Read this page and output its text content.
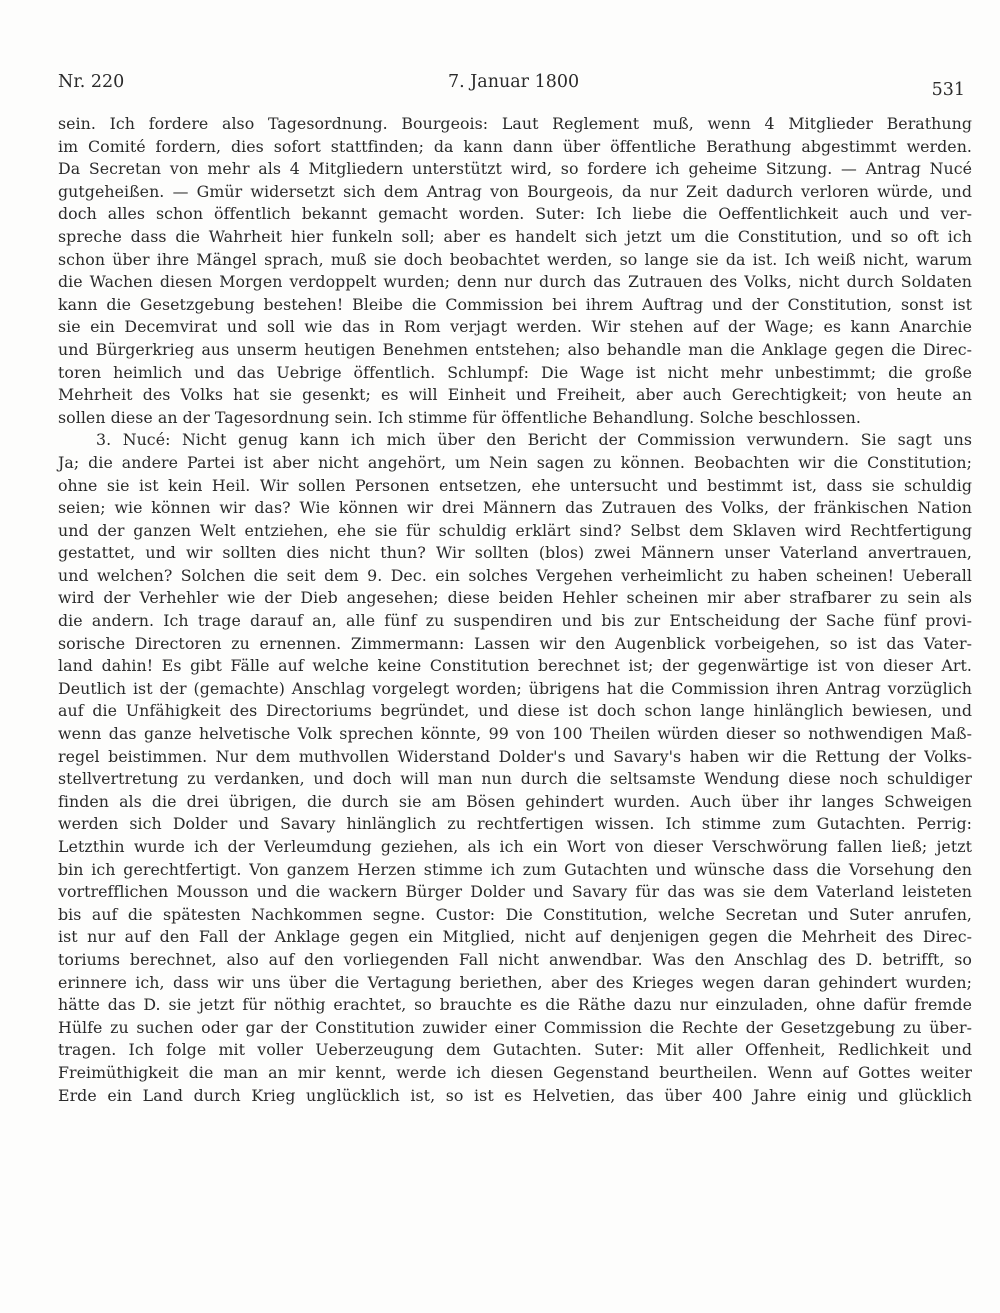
Nr. 220	7. Januar 1800	531
sein. Ich fordere also Tagesordnung. Bourgeois: Laut Reglement muß, wenn 4 Mitglieder Berathung
im Comité fordern, dies sofort stattfinden; da kann dann über öffentliche Berathung abgestimmt werden.
Da Secretan von mehr als 4 Mitgliedern unterstützt wird, so fordere ich geheime Sitzung. — Antrag Nucé
gutgeheißen. — Gmür widersetzt sich dem Antrag von Bourgeois, da nur Zeit dadurch verloren würde, und
doch alles schon öffentlich bekannt gemacht worden. Suter: Ich liebe die Oeffentlichkeit auch und ver-
spreche dass die Wahrheit hier funkeln soll; aber es handelt sich jetzt um die Constitution, und so oft ich
schon über ihre Mängel sprach, muß sie doch beobachtet werden, so lange sie da ist. Ich weiß nicht, warum
die Wachen diesen Morgen verdoppelt wurden; denn nur durch das Zutrauen des Volks, nicht durch Soldaten
kann die Gesetzgebung bestehen! Bleibe die Commission bei ihrem Auftrag und der Constitution, sonst ist
sie ein Decemvirat und soll wie das in Rom verjagt werden. Wir stehen auf der Wage; es kann Anarchie
und Bürgerkrieg aus unserm heutigen Benehmen entstehen; also behandle man die Anklage gegen die Direc-
toren heimlich und das Uebrige öffentlich. Schlumpf: Die Wage ist nicht mehr unbestimmt; die große
Mehrheit des Volks hat sie gesenkt; es will Einheit und Freiheit, aber auch Gerechtigkeit; von heute an
sollen diese an der Tagesordnung sein. Ich stimme für öffentliche Behandlung. Solche beschlossen.
3. Nucé: Nicht genug kann ich mich über den Bericht der Commission verwundern. Sie sagt uns
Ja; die andere Partei ist aber nicht angehört, um Nein sagen zu können. Beobachten wir die Constitution;
ohne sie ist kein Heil. Wir sollen Personen entsetzen, ehe untersucht und bestimmt ist, dass sie schuldig
seien; wie können wir das? Wie können wir drei Männern das Zutrauen des Volks, der fränkischen Nation
und der ganzen Welt entziehen, ehe sie für schuldig erklärt sind? Selbst dem Sklaven wird Rechtfertigung
gestattet, und wir sollten dies nicht thun? Wir sollten (blos) zwei Männern unser Vaterland anvertrauen,
und welchen? Solchen die seit dem 9. Dec. ein solches Vergehen verheimlicht zu haben scheinen! Ueberall
wird der Verhehler wie der Dieb angesehen; diese beiden Hehler scheinen mir aber strafbarer zu sein als
die andern. Ich trage darauf an, alle fünf zu suspendiren und bis zur Entscheidung der Sache fünf provi-
sorische Directoren zu ernennen. Zimmermann: Lassen wir den Augenblick vorbeigehen, so ist das Vater-
land dahin! Es gibt Fälle auf welche keine Constitution berechnet ist; der gegenwärtige ist von dieser Art.
Deutlich ist der (gemachte) Anschlag vorgelegt worden; übrigens hat die Commission ihren Antrag vorzüglich
auf die Unfähigkeit des Directoriums begründet, und diese ist doch schon lange hinlänglich bewiesen, und
wenn das ganze helvetische Volk sprechen könnte, 99 von 100 Theilen würden dieser so nothwendigen Maß-
regel beistimmen. Nur dem muthvollen Widerstand Dolder's und Savary's haben wir die Rettung der Volks-
stellvertretung zu verdanken, und doch will man nun durch die seltsamste Wendung diese noch schuldiger
finden als die drei übrigen, die durch sie am Bösen gehindert wurden. Auch über ihr langes Schweigen
werden sich Dolder und Savary hinlänglich zu rechtfertigen wissen. Ich stimme zum Gutachten. Perrig:
Letzthin wurde ich der Verleumdung geziehen, als ich ein Wort von dieser Verschwörung fallen ließ; jetzt
bin ich gerechtfertigt. Von ganzem Herzen stimme ich zum Gutachten und wünsche dass die Vorsehung den
vortrefflichen Mousson und die wackern Bürger Dolder und Savary für das was sie dem Vaterland leisteten
bis auf die spätesten Nachkommen segne. Custor: Die Constitution, welche Secretan und Suter anrufen,
ist nur auf den Fall der Anklage gegen ein Mitglied, nicht auf denjenigen gegen die Mehrheit des Direc-
toriums berechnet, also auf den vorliegenden Fall nicht anwendbar. Was den Anschlag des D. betrifft, so
erinnere ich, dass wir uns über die Vertagung beriethen, aber des Krieges wegen daran gehindert wurden;
hätte das D. sie jetzt für nöthig erachtet, so brauchte es die Räthe dazu nur einzuladen, ohne dafür fremde
Hülfe zu suchen oder gar der Constitution zuwider einer Commission die Rechte der Gesetzgebung zu über-
tragen. Ich folge mit voller Ueberzeugung dem Gutachten. Suter: Mit aller Offenheit, Redlichkeit und
Freimüthigkeit die man an mir kennt, werde ich diesen Gegenstand beurtheilen. Wenn auf Gottes weiter
Erde ein Land durch Krieg unglücklich ist, so ist es Helvetien, das über 400 Jahre einig und glücklich
